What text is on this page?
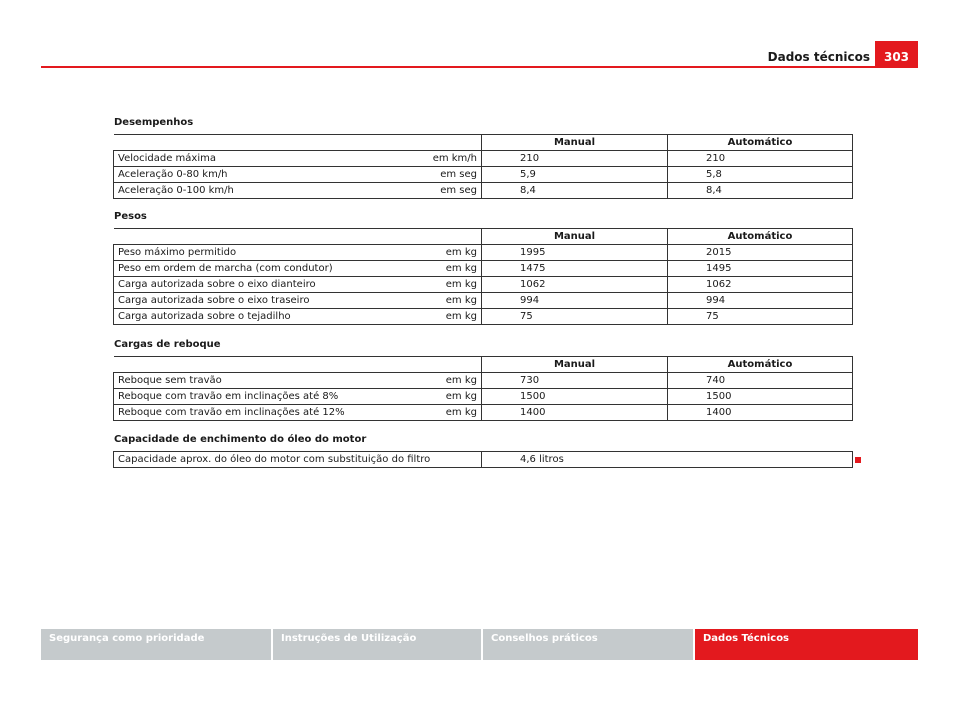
Dados técnicos	303
Desempenhos
		Manual	Automático
Velocidade máxima	em km/h	210	210
Aceleração 0-80 km/h	em seg	5,9	5,8
Aceleração 0-100 km/h	em seg	8,4	8,4
Pesos
		Manual	Automático
Peso máximo permitido	em kg	1995	2015
Peso em ordem de marcha (com condutor)	em kg	1475	1495
Carga autorizada sobre o eixo dianteiro	em kg	1062	1062
Carga autorizada sobre o eixo traseiro	em kg	994	994
Carga autorizada sobre o tejadilho	em kg	75	75
Cargas de reboque
		Manual	Automático
Reboque sem travão	em kg	730	740
Reboque com travão em inclinações até 8%	em kg	1500	1500
Reboque com travão em inclinações até 12%	em kg	1400	1400
Capacidade de enchimento do óleo do motor
Capacidade aprox. do óleo do motor com substituição do filtro	4,6 litros
Segurança como prioridade	Instruções de Utilização	Conselhos práticos	Dados Técnicos
